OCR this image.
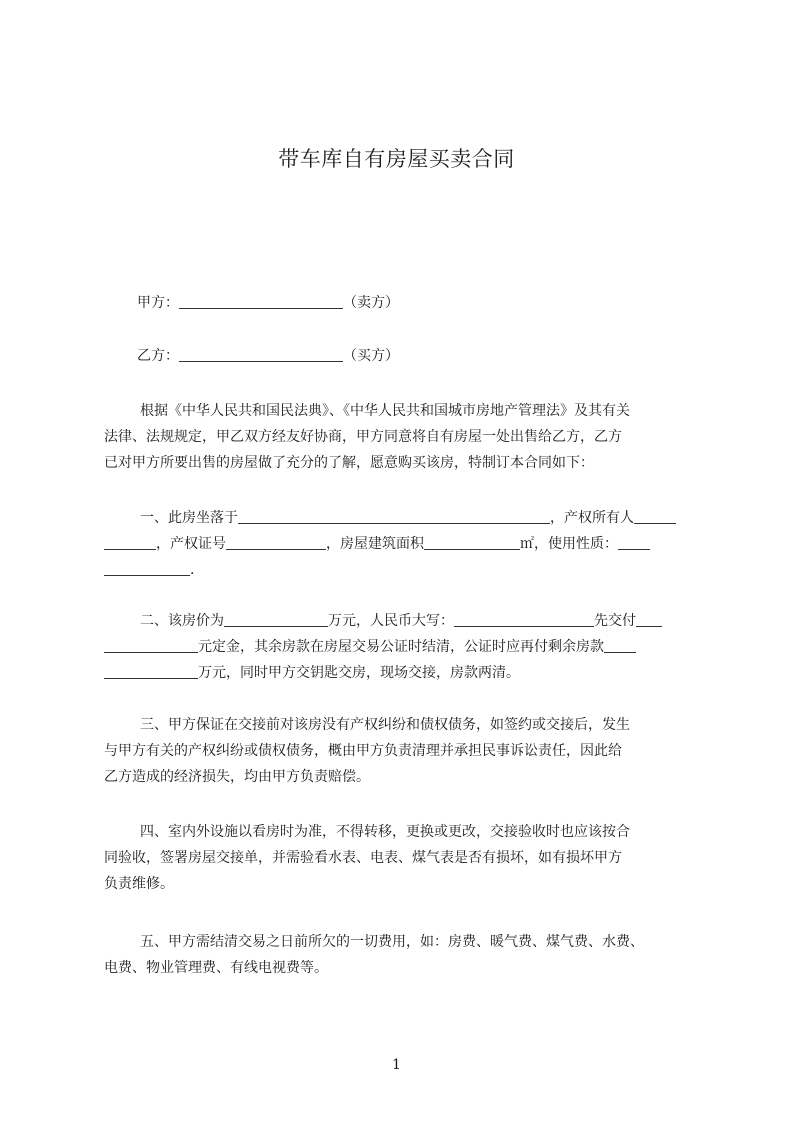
带车库自有房屋买卖合同
甲方：	（卖方）
乙方：	（买方）
根据《中华人民共和国民法典》、《中华人民共和国城市房地产管理法》及其有关
法律、法规规定，甲乙双方经友好协商，甲方同意将自有房屋一处出售给乙方，乙方
已对甲方所要出售的房屋做了充分的了解，愿意购买该房，特制订本合同如下：
一、此房坐落于	，产权所有人
，产权证号	，房屋建筑面积	㎡，使用性质：
.
二、该房价为	万元，人民币大写：	先交付
元定金，其余房款在房屋交易公证时结清，公证时应再付剩余房款
万元，同时甲方交钥匙交房，现场交接，房款两清。
三、甲方保证在交接前对该房没有产权纠纷和债权债务，如签约或交接后，发生
与甲方有关的产权纠纷或债权债务，概由甲方负责清理并承担民事诉讼责任，因此给
乙方造成的经济损失，均由甲方负责赔偿。
四、室内外设施以看房时为准，不得转移，更换或更改，交接验收时也应该按合
同验收，签署房屋交接单，并需验看水表、电表、煤气表是否有损坏，如有损坏甲方
负责维修。
五、甲方需结清交易之日前所欠的一切费用，如：房费、暖气费、煤气费、水费、
电费、物业管理费、有线电视费等。
1
